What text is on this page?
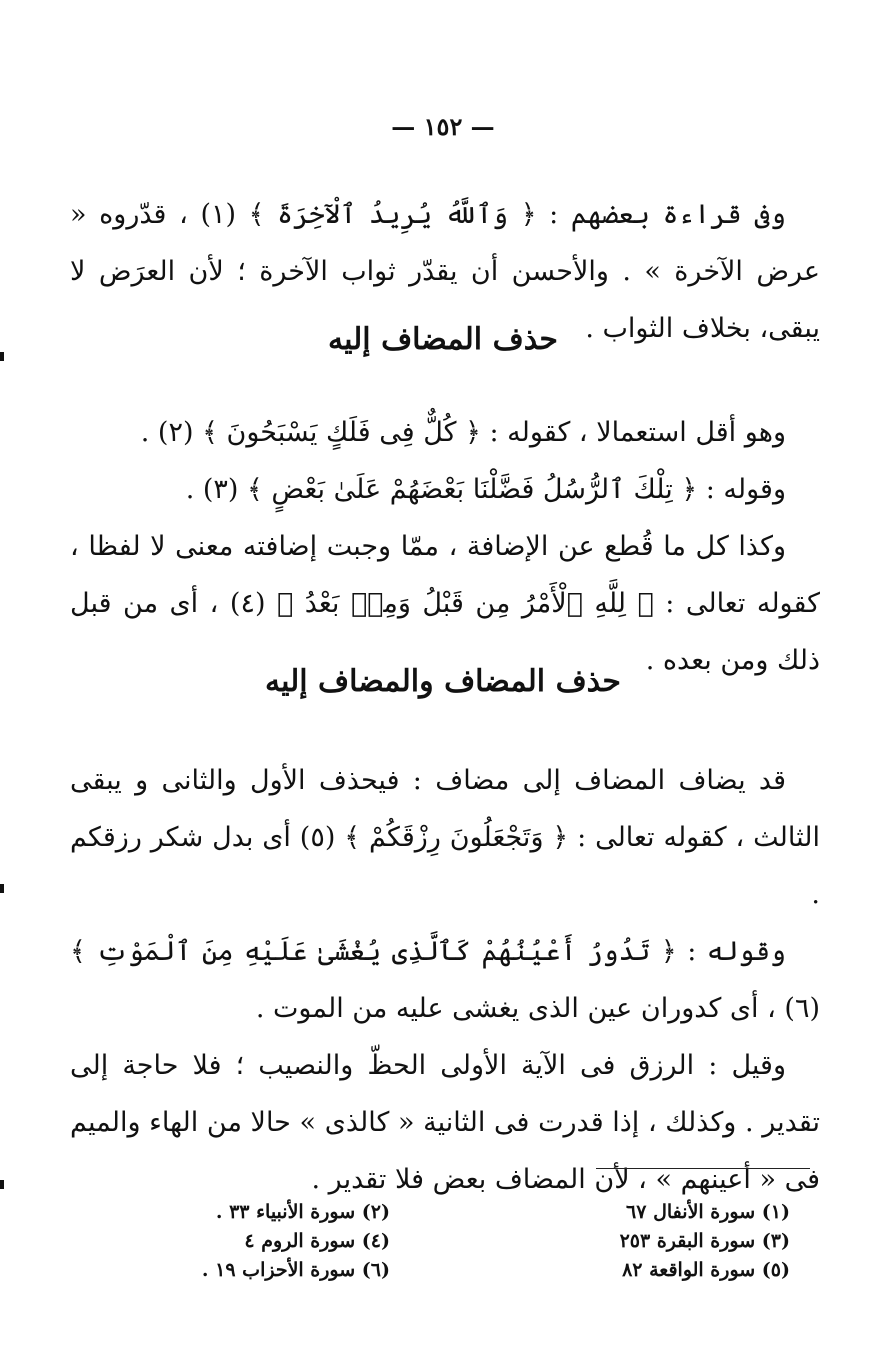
— ١٥٢ —

وفى قراءة بعضهم : ﴿ وَٱللَّهُ يُرِيدُ ٱلْآخِرَةَ ﴾ (١) ، قدّروه « عرض الآخرة » . والأحسن أن يقدّر ثواب الآخرة ؛ لأن العرَض لا يبقى، بخلاف الثواب .

حذف المضاف إليه

وهو أقل استعمالا ، كقوله : ﴿ كُلٌّ فِى فَلَكٍ يَسْبَحُونَ ﴾ (٢) .

وقوله : ﴿ تِلْكَ ٱلرُّسُلُ فَضَّلْنَا بَعْضَهُمْ عَلَىٰ بَعْضٍ ﴾ (٣) .

وكذا كل ما قُطع عن الإضافة ، ممّا وجبت إضافته معنى لا لفظا ، كقوله تعالى : ﴿ لِلَّهِ ٱلْأَمْرُ مِن قَبْلُ وَمِنۢ بَعْدُ ﴾ (٤) ، أى من قبل ذلك ومن بعده .

حذف المضاف والمضاف إليه

قد يضاف المضاف إلى مضاف : فيحذف الأول والثانى و يبقى الثالث ، كقوله تعالى : ﴿ وَتَجْعَلُونَ رِزْقَكُمْ ﴾ (٥) أى بدل شكر رزقكم .

وقوله : ﴿ تَدُورُ أَعْيُنُهُمْ كَٱلَّذِى يُغْشَىٰ عَلَيْهِ مِنَ ٱلْمَوْتِ ﴾ (٦) ، أى كدوران عين الذى يغشى عليه من الموت .

وقيل : الرزق فى الآية الأولى الحظّ والنصيب ؛ فلا حاجة إلى تقدير . وكذلك ، إذا قدرت فى الثانية « كالذى » حالا من الهاء والميم فى « أعينهم » ، لأن المضاف بعض فلا تقدير .

(١) سورة الأنفال ٦٧
(٣) سورة البقرة ٢٥٣
(٥) سورة الواقعة ٨٢
(٢) سورة الأنبياء ٣٣ .
(٤) سورة الروم ٤
(٦) سورة الأحزاب ١٩ .
